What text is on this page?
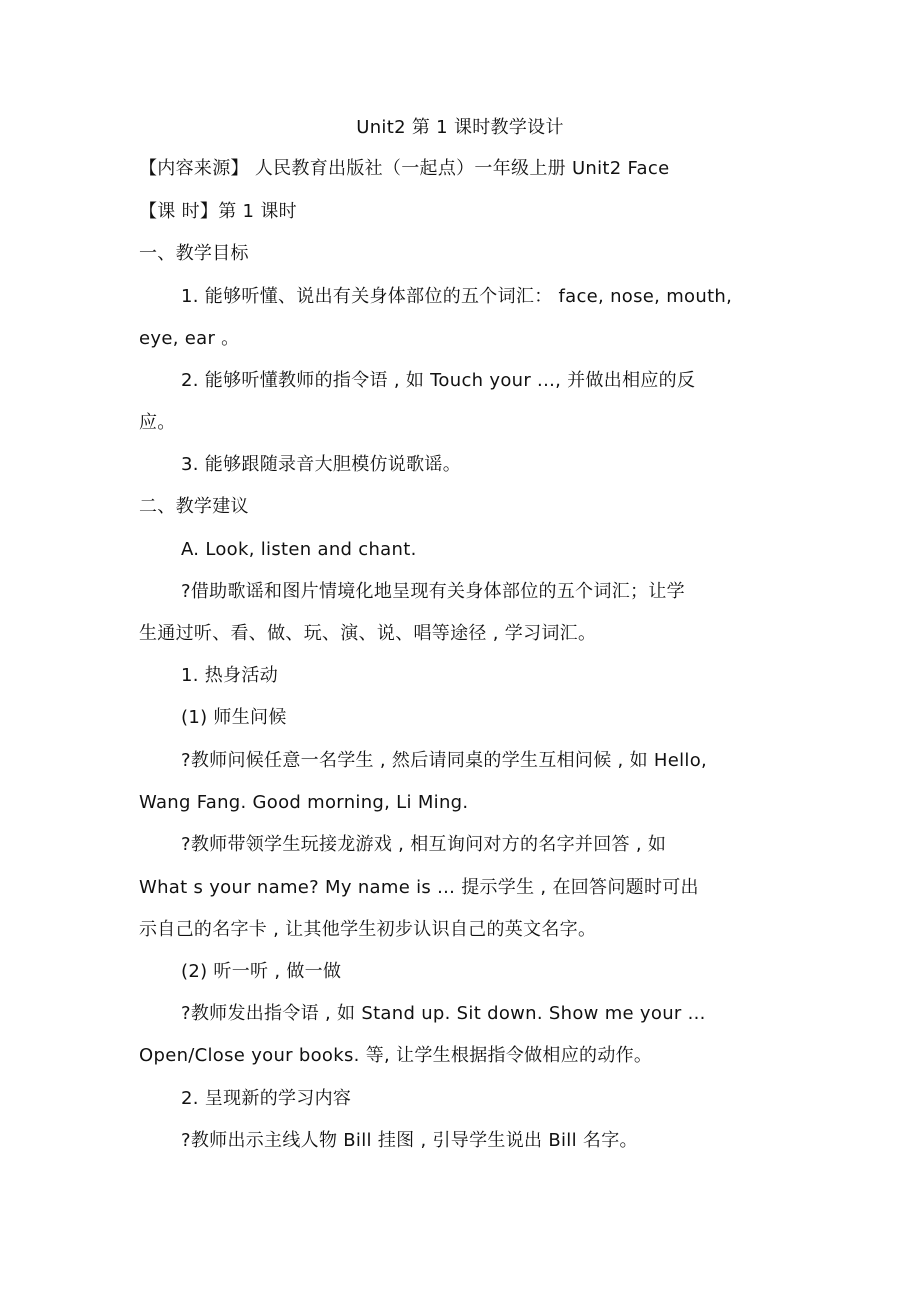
Unit2 第 1 课时教学设计
【内容来源】 人民教育出版社（一起点）一年级上册 Unit2 Face
【课 时】第 1 课时
一、教学目标
1. 能够听懂、说出有关身体部位的五个词汇： face, nose, mouth,
eye, ear 。
2. 能够听懂教师的指令语 , 如 Touch your ..., 并做出相应的反
应。
3. 能够跟随录音大胆模仿说歌谣。
二、教学建议
A. Look, listen and chant.
?借助歌谣和图片情境化地呈现有关身体部位的五个词汇；让学
生通过听、看、做、玩、演、说、唱等途径 , 学习词汇。
1. 热身活动
(1) 师生问候
?教师问候任意一名学生 , 然后请同桌的学生互相问候 , 如 Hello,
Wang Fang. Good morning, Li Ming.
?教师带领学生玩接龙游戏 , 相互询问对方的名字并回答 , 如
What s your name? My name is ... 提示学生 , 在回答问题时可出
示自己的名字卡 , 让其他学生初步认识自己的英文名字。
(2) 听一听 , 做一做
?教师发出指令语 , 如 Stand up. Sit down. Show me your ...
Open/Close your books. 等, 让学生根据指令做相应的动作。
2. 呈现新的学习内容
?教师出示主线人物 Bill 挂图 , 引导学生说出 Bill 名字。
